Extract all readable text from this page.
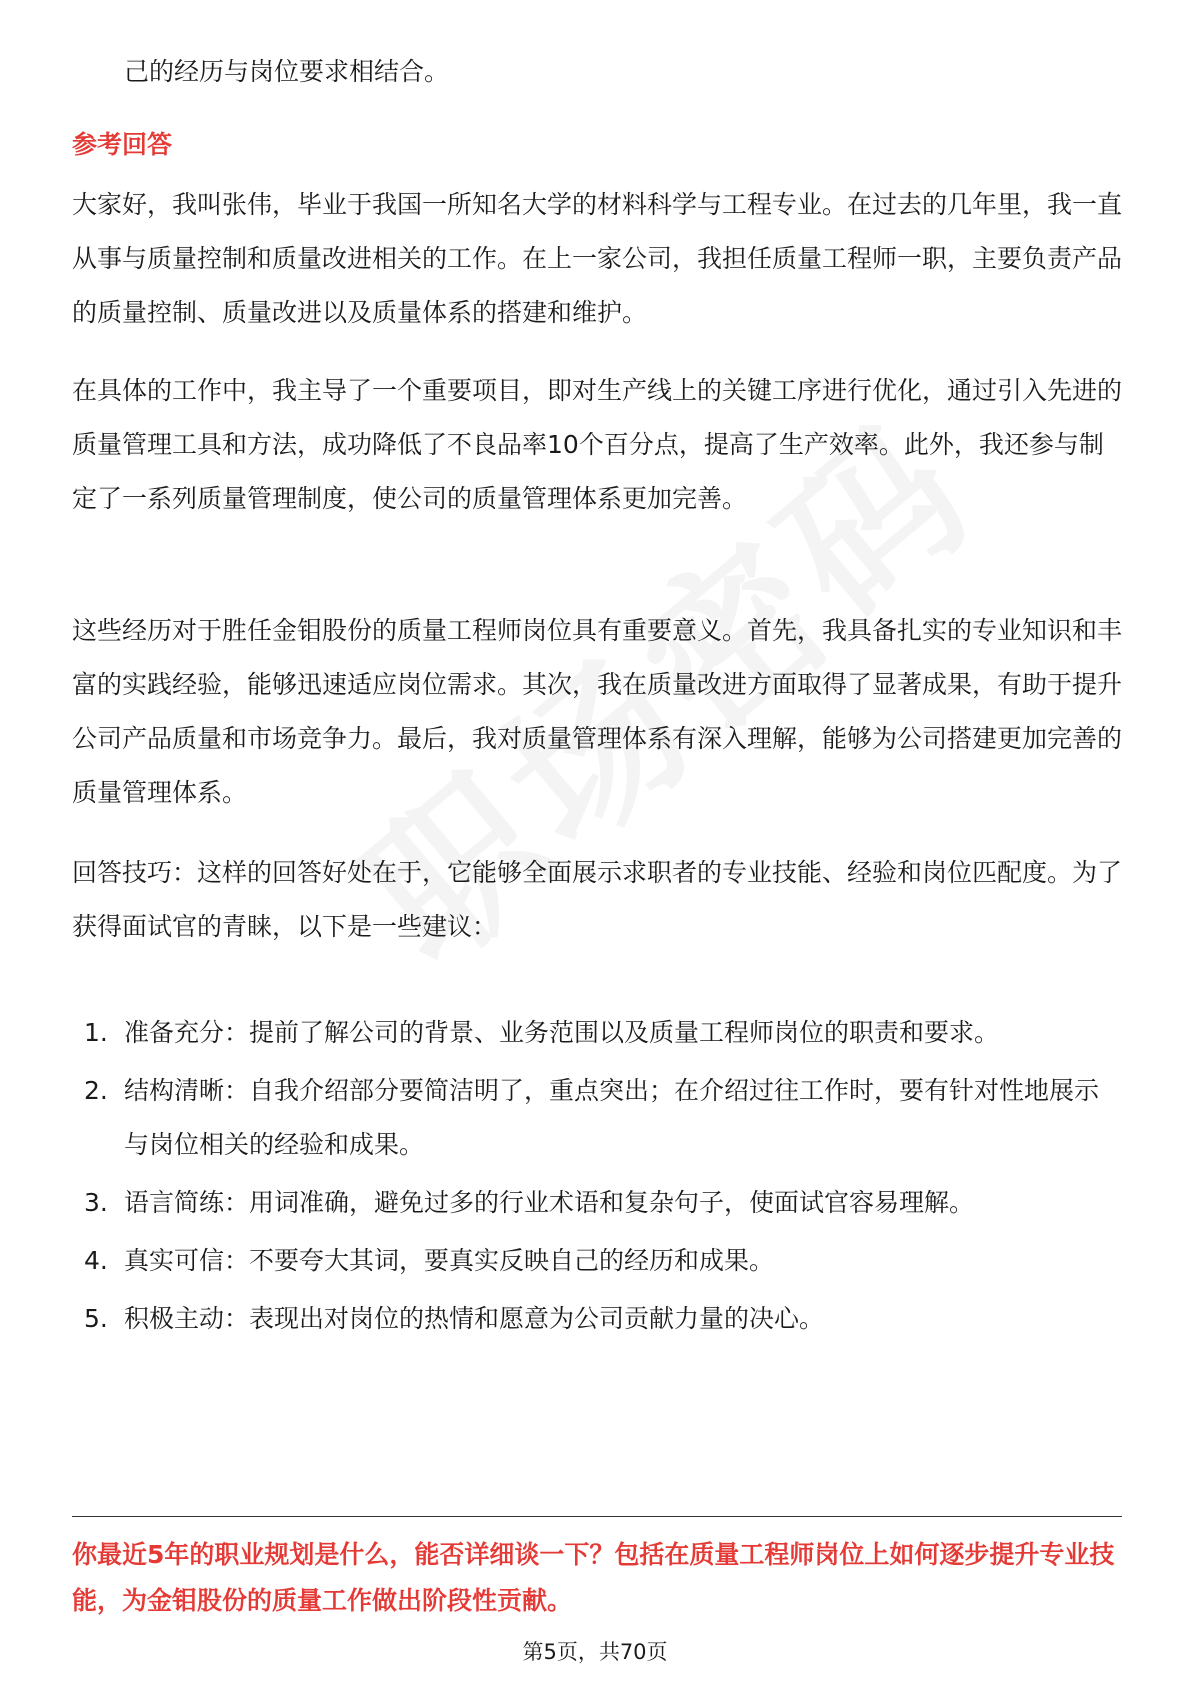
己的经历与岗位要求相结合。

参考回答

大家好，我叫张伟，毕业于我国一所知名大学的材料科学与工程专业。在过去的几年里，我一直从事与质量控制和质量改进相关的工作。在上一家公司，我担任质量工程师一职，主要负责产品的质量控制、质量改进以及质量体系的搭建和维护。

在具体的工作中，我主导了一个重要项目，即对生产线上的关键工序进行优化，通过引入先进的质量管理工具和方法，成功降低了不良品率10个百分点，提高了生产效率。此外，我还参与制定了一系列质量管理制度，使公司的质量管理体系更加完善。

这些经历对于胜任金钼股份的质量工程师岗位具有重要意义。首先，我具备扎实的专业知识和丰富的实践经验，能够迅速适应岗位需求。其次，我在质量改进方面取得了显著成果，有助于提升公司产品质量和市场竞争力。最后，我对质量管理体系有深入理解，能够为公司搭建更加完善的质量管理体系。

回答技巧：这样的回答好处在于，它能够全面展示求职者的专业技能、经验和岗位匹配度。为了获得面试官的青睐，以下是一些建议：

1. 准备充分：提前了解公司的背景、业务范围以及质量工程师岗位的职责和要求。
2. 结构清晰：自我介绍部分要简洁明了，重点突出；在介绍过往工作时，要有针对性地展示与岗位相关的经验和成果。
3. 语言简练：用词准确，避免过多的行业术语和复杂句子，使面试官容易理解。
4. 真实可信：不要夸大其词，要真实反映自己的经历和成果。
5. 积极主动：表现出对岗位的热情和愿意为公司贡献力量的决心。

你最近5年的职业规划是什么，能否详细谈一下？包括在质量工程师岗位上如何逐步提升专业技能，为金钼股份的质量工作做出阶段性贡献。

第5页，共70页
